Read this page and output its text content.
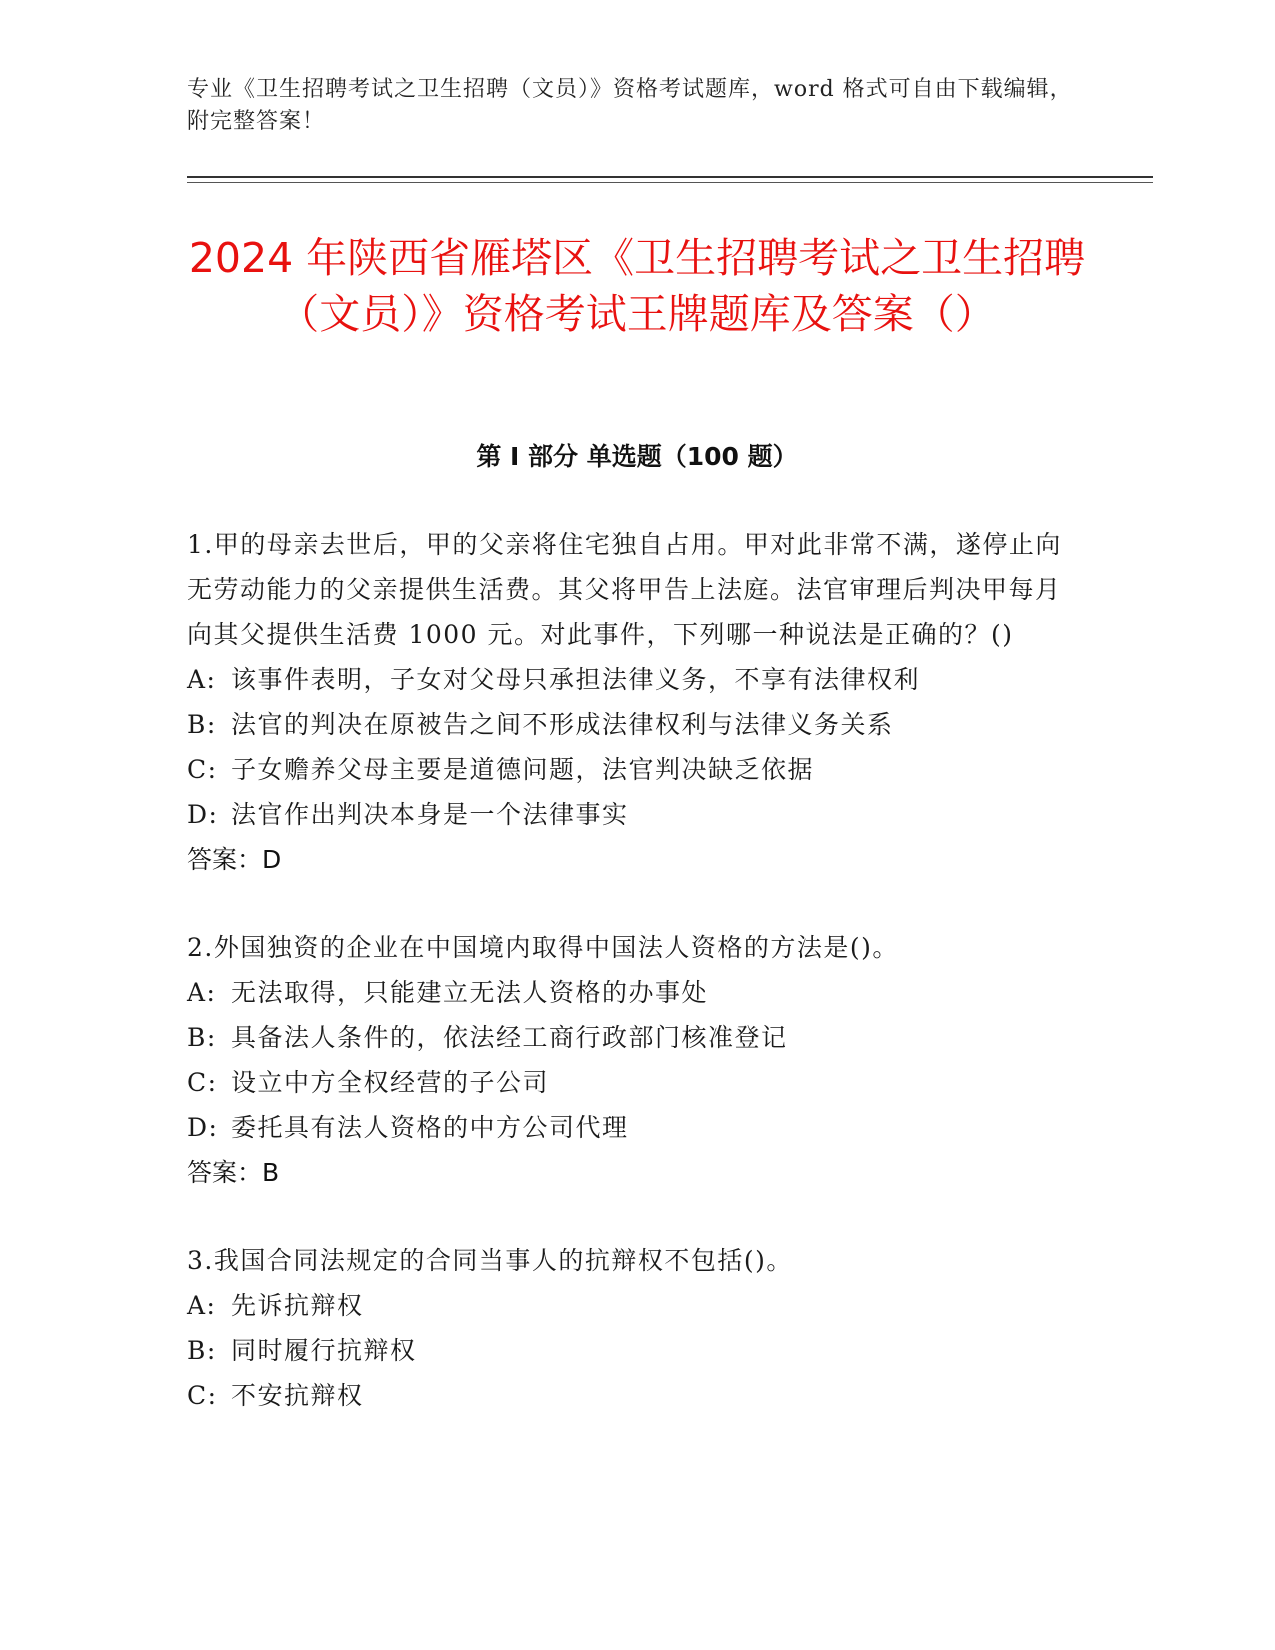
专业《卫生招聘考试之卫生招聘（文员）》资格考试题库，word 格式可自由下载编辑，附完整答案！
2024 年陕西省雁塔区《卫生招聘考试之卫生招聘（文员）》资格考试王牌题库及答案（）
第 I 部分 单选题（100 题）

1.甲的母亲去世后，甲的父亲将住宅独自占用。甲对此非常不满，遂停止向无劳动能力的父亲提供生活费。其父将甲告上法庭。法官审理后判决甲每月向其父提供生活费 1000 元。对此事件，下列哪一种说法是正确的？()

A: 该事件表明，子女对父母只承担法律义务，不享有法律权利

B: 法官的判决在原被告之间不形成法律权利与法律义务关系

C: 子女赡养父母主要是道德问题，法官判决缺乏依据

D: 法官作出判决本身是一个法律事实

答案：D

2.外国独资的企业在中国境内取得中国法人资格的方法是()。

A: 无法取得，只能建立无法人资格的办事处

B: 具备法人条件的，依法经工商行政部门核准登记

C: 设立中方全权经营的子公司

D: 委托具有法人资格的中方公司代理

答案：B

3.我国合同法规定的合同当事人的抗辩权不包括()。

A: 先诉抗辩权

B: 同时履行抗辩权

C: 不安抗辩权
